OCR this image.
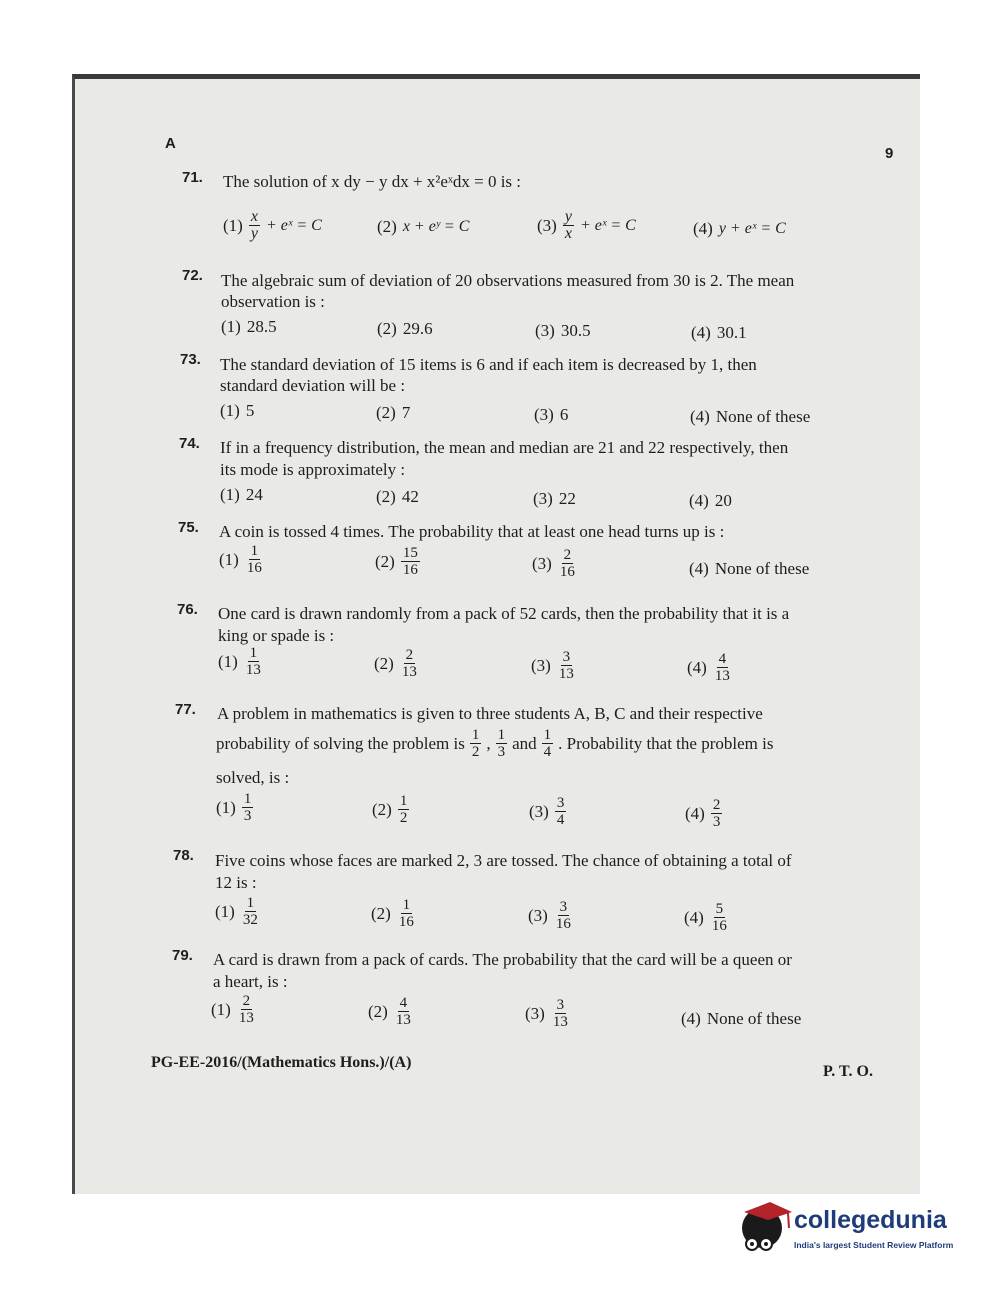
A
9
71. The solution of x dy − y dx + x²eˣdx = 0 is :
$(1) \frac{x}{y}$ + eˣ = C	(2) x + eʸ = C	$(3) \frac{y}{x}$ + eˣ = C	(4) y + eˣ = C
72. The algebraic sum of deviation of 20 observations measured from 30 is 2. The mean
observation is :
(1) 28.5	(2) 29.6	(3) 30.5	(4) 30.1
73. The standard deviation of 15 items is 6 and if each item is decreased by 1, then
standard deviation will be :
(1) 5	(2) 7	(3) 6	(4) None of these
74. If in a frequency distribution, the mean and median are 21 and 22 respectively, then
its mode is approximately :
(1) 24	(2) 42	(3) 22	(4) 20
75. A coin is tossed 4 times. The probability that at least one head turns up is :
$(1) \frac{1}{16}$	$(2) \frac{15}{16}$	$(3) \frac{2}{16}$	(4) None of these
76. One card is drawn randomly from a pack of 52 cards, then the probability that it is a
king or spade is :
$(1) \frac{1}{13}$	$(2) \frac{2}{13}$	$(3) \frac{3}{13}$	$(4) \frac{4}{13}$
77. A problem in mathematics is given to three students A, B, C and their respective
probability of solving the problem is $\frac{1}{2}$ , $\frac{1}{3}$ and $\frac{1}{4}$ . Probability that the problem is
solved, is :
$(1) \frac{1}{3}$	$(2) \frac{1}{2}$	$(3) \frac{3}{4}$	$(4) \frac{2}{3}$
78. Five coins whose faces are marked 2, 3 are tossed. The chance of obtaining a total of
12 is :
$(1) \frac{1}{32}$	$(2) \frac{1}{16}$	$(3) \frac{3}{16}$	$(4) \frac{5}{16}$
79. A card is drawn from a pack of cards. The probability that the card will be a queen or
a heart, is :
$(1) \frac{2}{13}$	$(2) \frac{4}{13}$	$(3) \frac{3}{13}$	(4) None of these
PG-EE-2016/(Mathematics Hons.)/(A)
P. T. O.
collegedunia
India's largest Student Review Platform
